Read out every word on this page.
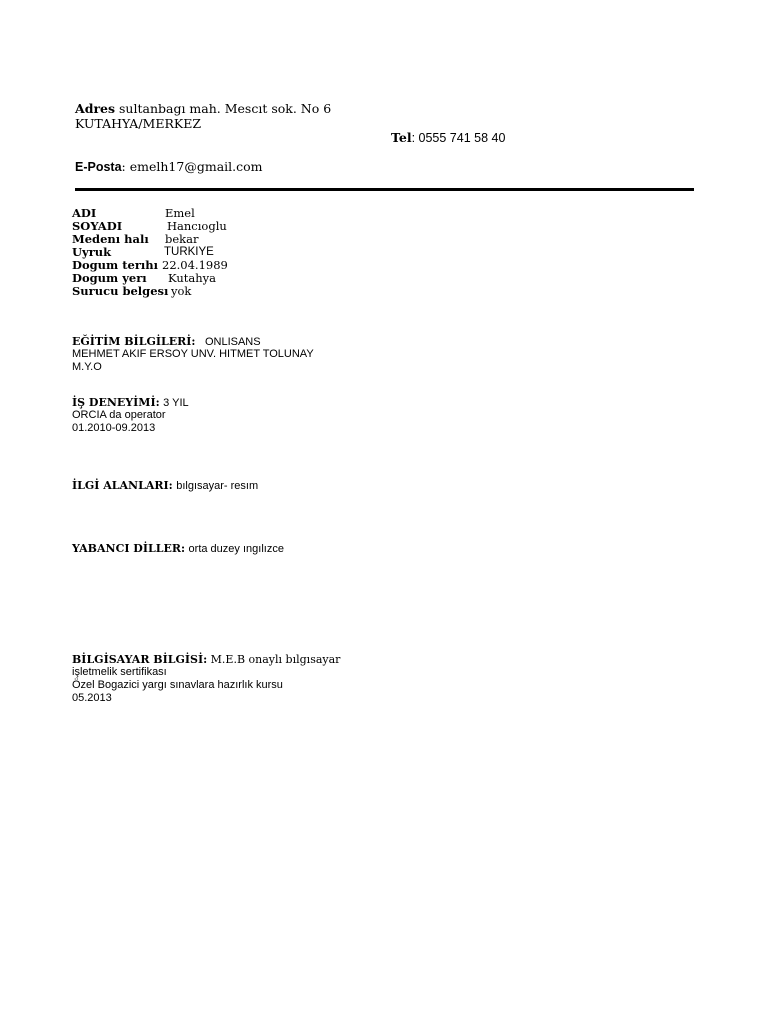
Adres sultanbagı mah. Mescıt sok. No 6
KUTAHYA/MERKEZ
Tel: 0555 741 58 40
E-Posta: emelh17@gmail.com
ADI	Emel
SOYADI	Hancıoglu
Medenı halı bekar
Uyruk	TURKIYE
Dogum terıhı 22.04.1989
Dogum yerı Kutahya
Surucu belgesı yok
EĞİTİM BİLGİLERİ: ONLISANS
MEHMET AKIF ERSOY UNV. HITMET TOLUNAY
M.Y.O
İŞ DENEYİMİ: 3 YIL
ORCIA da operator
01.2010-09.2013
İLGİ ALANLARI: bılgısayar- resım
YABANCI DİLLER: orta duzey ıngılızce
BİLGİSAYAR BİLGİSİ: M.E.B onaylı bılgısayar
işletmelik sertifikası
Özel Bogazici yargı sınavlara hazırlık kursu
05.2013
